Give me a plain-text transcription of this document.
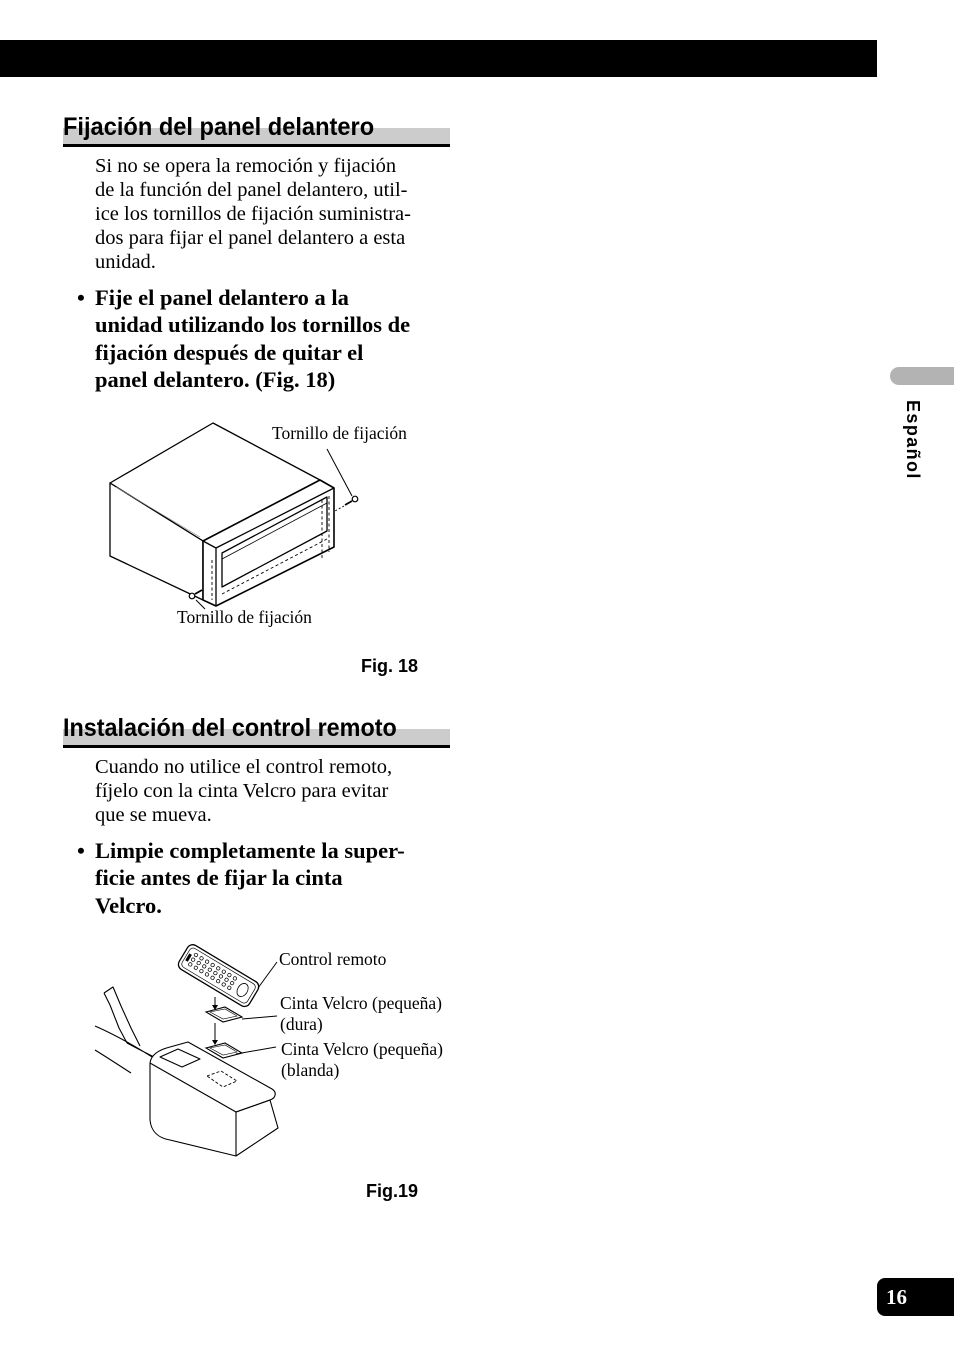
Fijación del panel delantero
Si no se opera la remoción y fijación
de la función del panel delantero, util-
ice los tornillos de fijación suministra-
dos para fijar el panel delantero a esta
unidad.
• Fije el panel delantero a la
unidad utilizando los tornillos de
fijación después de quitar el
panel delantero. (Fig. 18)
Tornillo de fijación
Tornillo de fijación
Fig. 18
Instalación del control remoto
Cuando no utilice el control remoto,
fíjelo con la cinta Velcro para evitar
que se mueva.
• Limpie completamente la super-
ficie antes de fijar la cinta
Velcro.
Control remoto
Cinta Velcro (pequeña)
(dura)
Cinta Velcro (pequeña)
(blanda)
Fig.19
Español
16
